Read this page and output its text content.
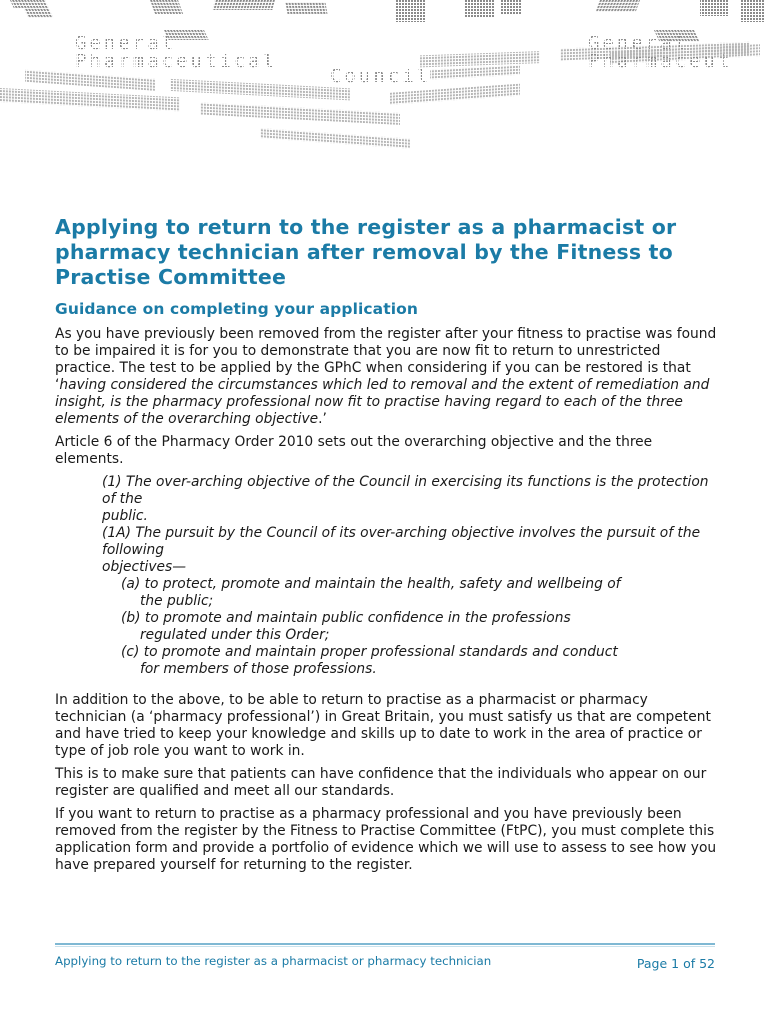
General
Pharmaceutical
Council
General
Pharmaceut
Applying to return to the register as a pharmacist or pharmacy technician after removal by the Fitness to Practise Committee
Guidance on completing your application

As you have previously been removed from the register after your fitness to practise was found to be impaired it is for you to demonstrate that you are now fit to return to unrestricted practice. The test to be applied by the GPhC when considering if you can be restored is that ‘having considered the circumstances which led to removal and the extent of remediation and insight, is the pharmacy professional now fit to practise having regard to each of the three elements of the overarching objective.’

Article 6 of the Pharmacy Order 2010 sets out the overarching objective and the three elements.

(1) The over-arching objective of the Council in exercising its functions is the protection of the
public.
(1A) The pursuit by the Council of its over-arching objective involves the pursuit of the following
objectives—
(a) to protect, promote and maintain the health, safety and wellbeing of
the public;
(b) to promote and maintain public confidence in the professions
regulated under this Order;
(c) to promote and maintain proper professional standards and conduct
for members of those professions.

In addition to the above, to be able to return to practise as a pharmacist or pharmacy technician (a ‘pharmacy professional’) in Great Britain, you must satisfy us that are competent and have tried to keep your knowledge and skills up to date to work in the area of practice or type of job role you want to work in.

This is to make sure that patients can have confidence that the individuals who appear on our register are qualified and meet all our standards.

If you want to return to practise as a pharmacy professional and you have previously been removed from the register by the Fitness to Practise Committee (FtPC), you must complete this application form and provide a portfolio of evidence which we will use to assess to see how you have prepared yourself for returning to the register.

Applying to return to the register as a pharmacist or pharmacy technician	Page 1 of 52
